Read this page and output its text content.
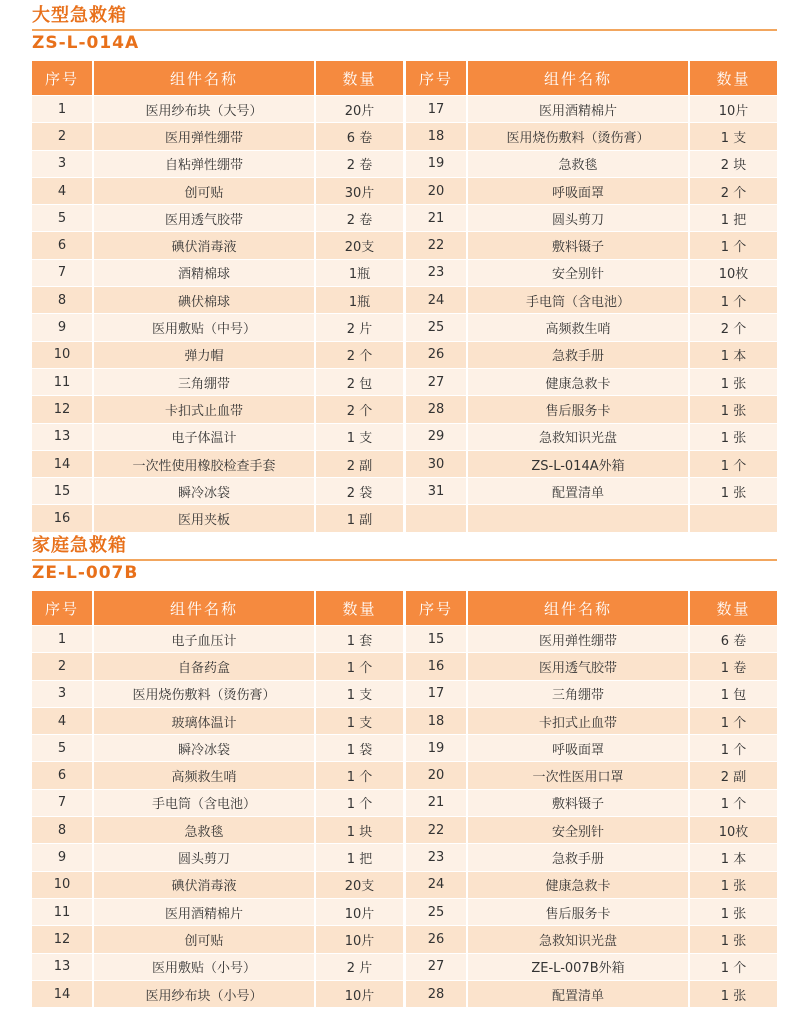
大型急救箱
ZS-L-014A
序号	组件名称	数量
1	医用纱布块（大号）	20片
2	医用弹性绷带	6 卷
3	自粘弹性绷带	2 卷
4	创可贴	30片
5	医用透气胶带	2 卷
6	碘伏消毒液	20支
7	酒精棉球	1瓶
8	碘伏棉球	1瓶
9	医用敷贴（中号）	2 片
10	弹力帽	2 个
11	三角绷带	2 包
12	卡扣式止血带	2 个
13	电子体温计	1 支
14	一次性使用橡胶检查手套	2 副
15	瞬冷冰袋	2 袋
16	医用夹板	1 副
序号	组件名称	数量
17	医用酒精棉片	10片
18	医用烧伤敷料（烫伤膏）	1 支
19	急救毯	2 块
20	呼吸面罩	2 个
21	圆头剪刀	1 把
22	敷料镊子	1 个
23	安全别针	10枚
24	手电筒（含电池）	1 个
25	高频救生哨	2 个
26	急救手册	1 本
27	健康急救卡	1 张
28	售后服务卡	1 张
29	急救知识光盘	1 张
30	ZS-L-014A外箱	1 个
31	配置清单	1 张

家庭急救箱
ZE-L-007B
序号	组件名称	数量
1	电子血压计	1 套
2	自备药盒	1 个
3	医用烧伤敷料（烫伤膏）	1 支
4	玻璃体温计	1 支
5	瞬冷冰袋	1 袋
6	高频救生哨	1 个
7	手电筒（含电池）	1 个
8	急救毯	1 块
9	圆头剪刀	1 把
10	碘伏消毒液	20支
11	医用酒精棉片	10片
12	创可贴	10片
13	医用敷贴（小号）	2 片
14	医用纱布块（小号）	10片
序号	组件名称	数量
15	医用弹性绷带	6 卷
16	医用透气胶带	1 卷
17	三角绷带	1 包
18	卡扣式止血带	1 个
19	呼吸面罩	1 个
20	一次性医用口罩	2 副
21	敷料镊子	1 个
22	安全别针	10枚
23	急救手册	1 本
24	健康急救卡	1 张
25	售后服务卡	1 张
26	急救知识光盘	1 张
27	ZE-L-007B外箱	1 个
28	配置清单	1 张
